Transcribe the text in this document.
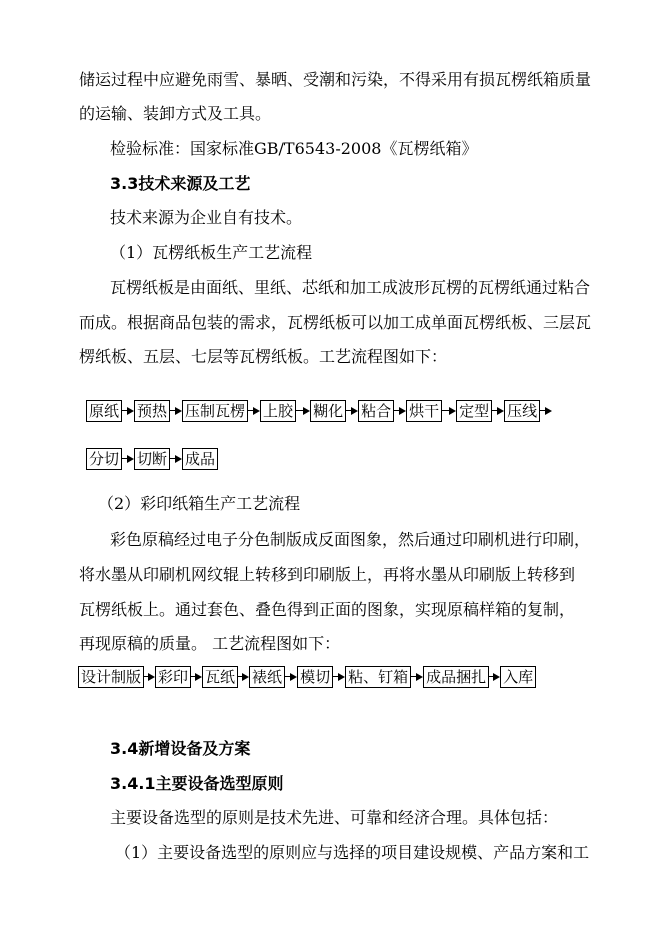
储运过程中应避免雨雪、暴晒、受潮和污染，不得采用有损瓦楞纸箱质量
的运输、装卸方式及工具。
检验标准：国家标准GB/T6543-2008《瓦楞纸箱》
3.3技术来源及工艺
技术来源为企业自有技术。
（1）瓦楞纸板生产工艺流程
瓦楞纸板是由面纸、里纸、芯纸和加工成波形瓦楞的瓦楞纸通过粘合
而成。根据商品包装的需求，瓦楞纸板可以加工成单面瓦楞纸板、三层瓦
楞纸板、五层、七层等瓦楞纸板。工艺流程图如下：
原纸 预热 压制瓦楞 上胶 糊化 粘合 烘干 定型 压线
分切 切断 成品
（2）彩印纸箱生产工艺流程
彩色原稿经过电子分色制版成反面图象，然后通过印刷机进行印刷，
将水墨从印刷机网纹辊上转移到印刷版上，再将水墨从印刷版上转移到
瓦楞纸板上。通过套色、叠色得到正面的图象，实现原稿样箱的复制，
再现原稿的质量。 工艺流程图如下：
设计制版 彩印 瓦纸 裱纸 模切 粘、钉箱 成品捆扎 入库
3.4新增设备及方案
3.4.1主要设备选型原则
主要设备选型的原则是技术先进、可靠和经济合理。具体包括：
（1）主要设备选型的原则应与选择的项目建设规模、产品方案和工
